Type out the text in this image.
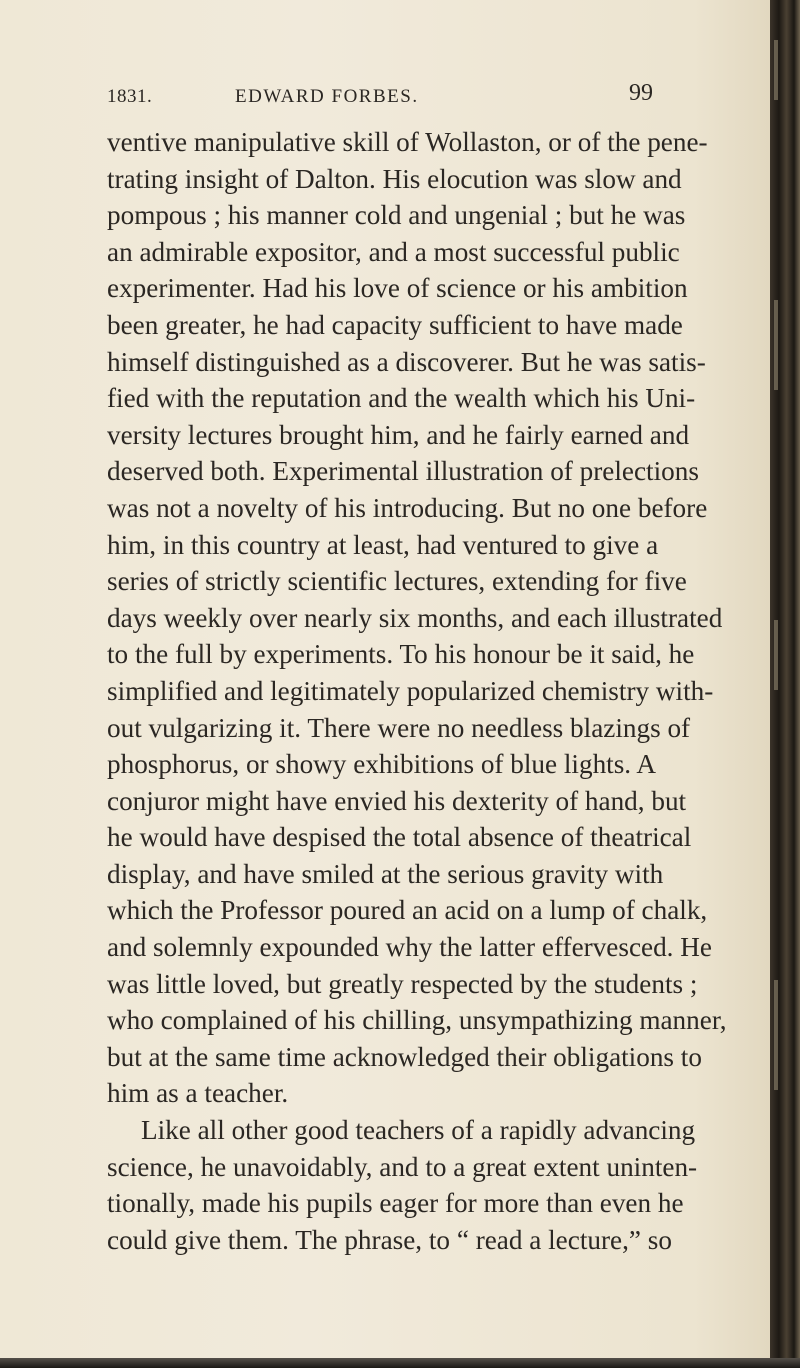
1831.	EDWARD FORBES.	99
ventive manipulative skill of Wollaston, or of the pene-
trating insight of Dalton. His elocution was slow and
pompous ; his manner cold and ungenial ; but he was
an admirable expositor, and a most successful public
experimenter. Had his love of science or his ambition
been greater, he had capacity sufficient to have made
himself distinguished as a discoverer. But he was satis-
fied with the reputation and the wealth which his Uni-
versity lectures brought him, and he fairly earned and
deserved both. Experimental illustration of prelections
was not a novelty of his introducing. But no one before
him, in this country at least, had ventured to give a
series of strictly scientific lectures, extending for five
days weekly over nearly six months, and each illustrated
to the full by experiments. To his honour be it said, he
simplified and legitimately popularized chemistry with-
out vulgarizing it. There were no needless blazings of
phosphorus, or showy exhibitions of blue lights. A
conjuror might have envied his dexterity of hand, but
he would have despised the total absence of theatrical
display, and have smiled at the serious gravity with
which the Professor poured an acid on a lump of chalk,
and solemnly expounded why the latter effervesced. He
was little loved, but greatly respected by the students ;
who complained of his chilling, unsympathizing manner,
but at the same time acknowledged their obligations to
him as a teacher.
Like all other good teachers of a rapidly advancing
science, he unavoidably, and to a great extent uninten-
tionally, made his pupils eager for more than even he
could give them. The phrase, to “ read a lecture,” so
